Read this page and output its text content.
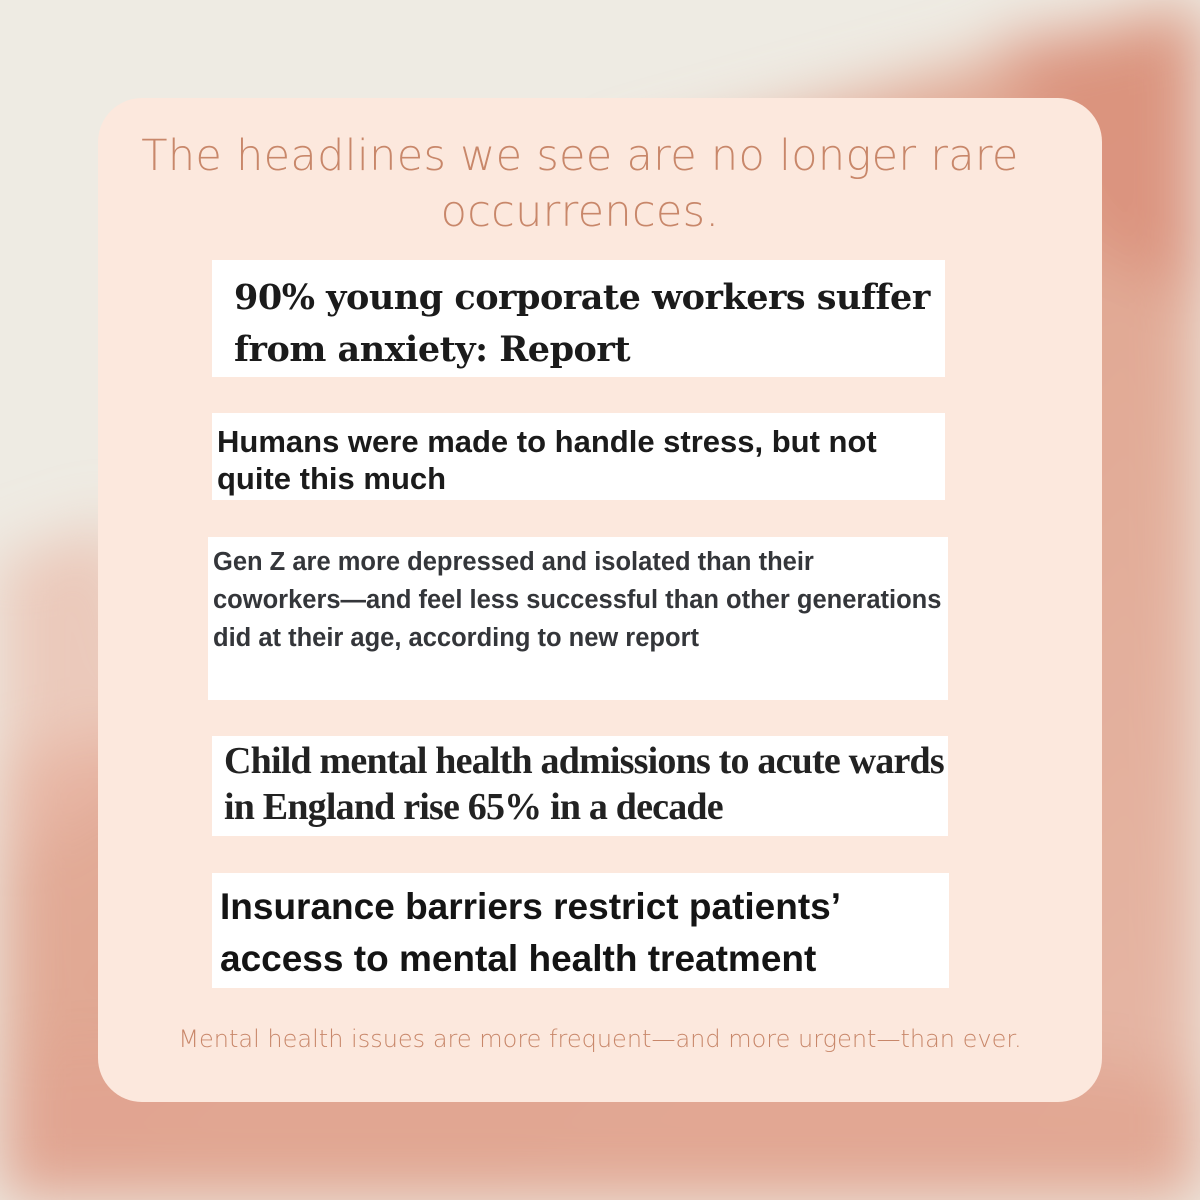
The headlines we see are no longer rare occurrences.
90% young corporate workers suffer from anxiety: Report
Humans were made to handle stress, but not quite this much
Gen Z are more depressed and isolated than their coworkers—and feel less successful than other generations did at their age, according to new report
Child mental health admissions to acute wards in England rise 65% in a decade
Insurance barriers restrict patients’ access to mental health treatment

Mental health issues are more frequent—and more urgent—than ever.
